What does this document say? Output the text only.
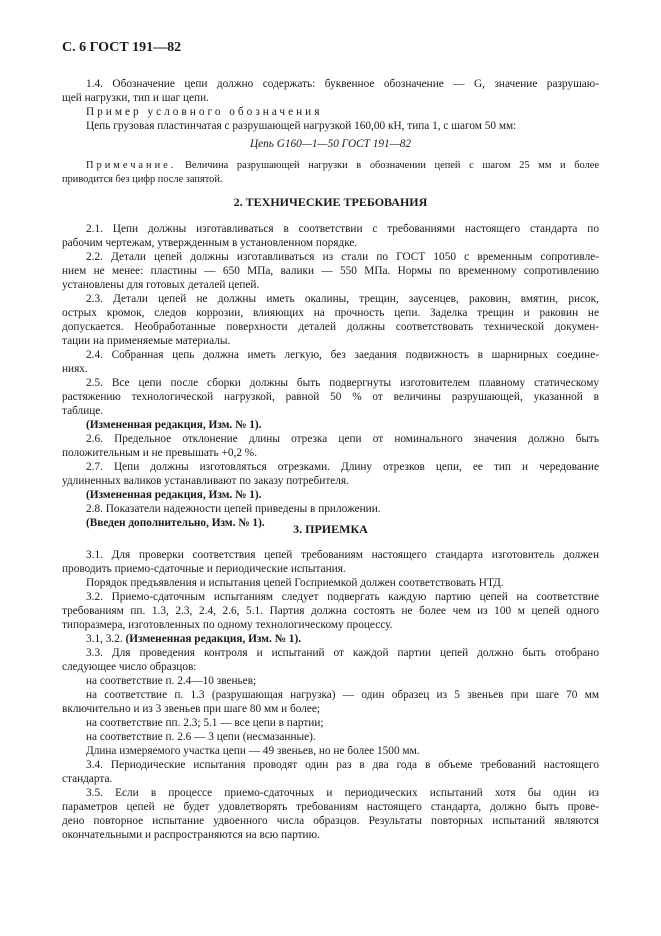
С. 6 ГОСТ 191—82
1.4. Обозначение цепи должно содержать: буквенное обозначение — G, значение разрушаю-
щей нагрузки, тип и шаг цепи.
Пример условного обозначения
Цепь грузовая пластинчатая с разрушающей нагрузкой 160,00 кН, типа 1, с шагом 50 мм:
Цепь G160—1—50 ГОСТ 191—82
Примечание. Величина разрушающей нагрузки в обозначении цепей с шагом 25 мм и более
приводится без цифр после запятой.
2. ТЕХНИЧЕСКИЕ ТРЕБОВАНИЯ
2.1. Цепи должны изготавливаться в соответствии с требованиями настоящего стандарта по
рабочим чертежам, утвержденным в установленном порядке.
2.2. Детали цепей должны изготавливаться из стали по ГОСТ 1050 с временным сопротивле-
нием не менее: пластины — 650 МПа, валики — 550 МПа. Нормы по временному сопротивлению
установлены для готовых деталей цепей.
2.3. Детали цепей не должны иметь окалины, трещин, заусенцев, раковин, вмятин, рисок,
острых кромок, следов коррозии, влияющих на прочность цепи. Заделка трещин и раковин не
допускается. Необработанные поверхности деталей должны соответствовать технической докумен-
тации на применяемые материалы.
2.4. Собранная цепь должна иметь легкую, без заедания подвижность в шарнирных соедине-
ниях.
2.5. Все цепи после сборки должны быть подвергнуты изготовителем плавному статическому
растяжению технологической нагрузкой, равной 50 % от величины разрушающей, указанной в
таблице.
(Измененная редакция, Изм. № 1).
2.6. Предельное отклонение длины отрезка цепи от номинального значения должно быть
положительным и не превышать +0,2 %.
2.7. Цепи должны изготовляться отрезками. Длину отрезков цепи, ее тип и чередование
удлиненных валиков устанавливают по заказу потребителя.
(Измененная редакция, Изм. № 1).
2.8. Показатели надежности цепей приведены в приложении.
(Введен дополнительно, Изм. № 1).	3. ПРИЕМКА
3.1. Для проверки соответствия цепей требованиям настоящего стандарта изготовитель должен
проводить приемо-сдаточные и периодические испытания.
Порядок предъявления и испытания цепей Госприемкой должен соответствовать НТД.
3.2. Приемо-сдаточным испытаниям следует подвергать каждую партию цепей на соответствие
требованиям пп. 1.3, 2.3, 2.4, 2.6, 5.1. Партия должна состоять не более чем из 100 м цепей одного
типоразмера, изготовленных по одному технологическому процессу.
3.1, 3.2. (Измененная редакция, Изм. № 1).
3.3. Для проведения контроля и испытаний от каждой партии цепей должно быть отобрано
следующее число образцов:
на соответствие п. 2.4—10 звеньев;
на соответствие п. 1.3 (разрушающая нагрузка) — один образец из 5 звеньев при шаге 70 мм
включительно и из 3 звеньев при шаге 80 мм и более;
на соответствие пп. 2.3; 5.1 — все цепи в партии;
на соответствие п. 2.6 — 3 цепи (несмазанные).
Длина измеряемого участка цепи — 49 звеньев, но не более 1500 мм.
3.4. Периодические испытания проводят один раз в два года в объеме требований настоящего
стандарта.
3.5. Если в процессе приемо-сдаточных и периодических испытаний хотя бы один из
параметров цепей не будет удовлетворять требованиям настоящего стандарта, должно быть прове-
дено повторное испытание удвоенного числа образцов. Результаты повторных испытаний являются
окончательными и распространяются на всю партию.
